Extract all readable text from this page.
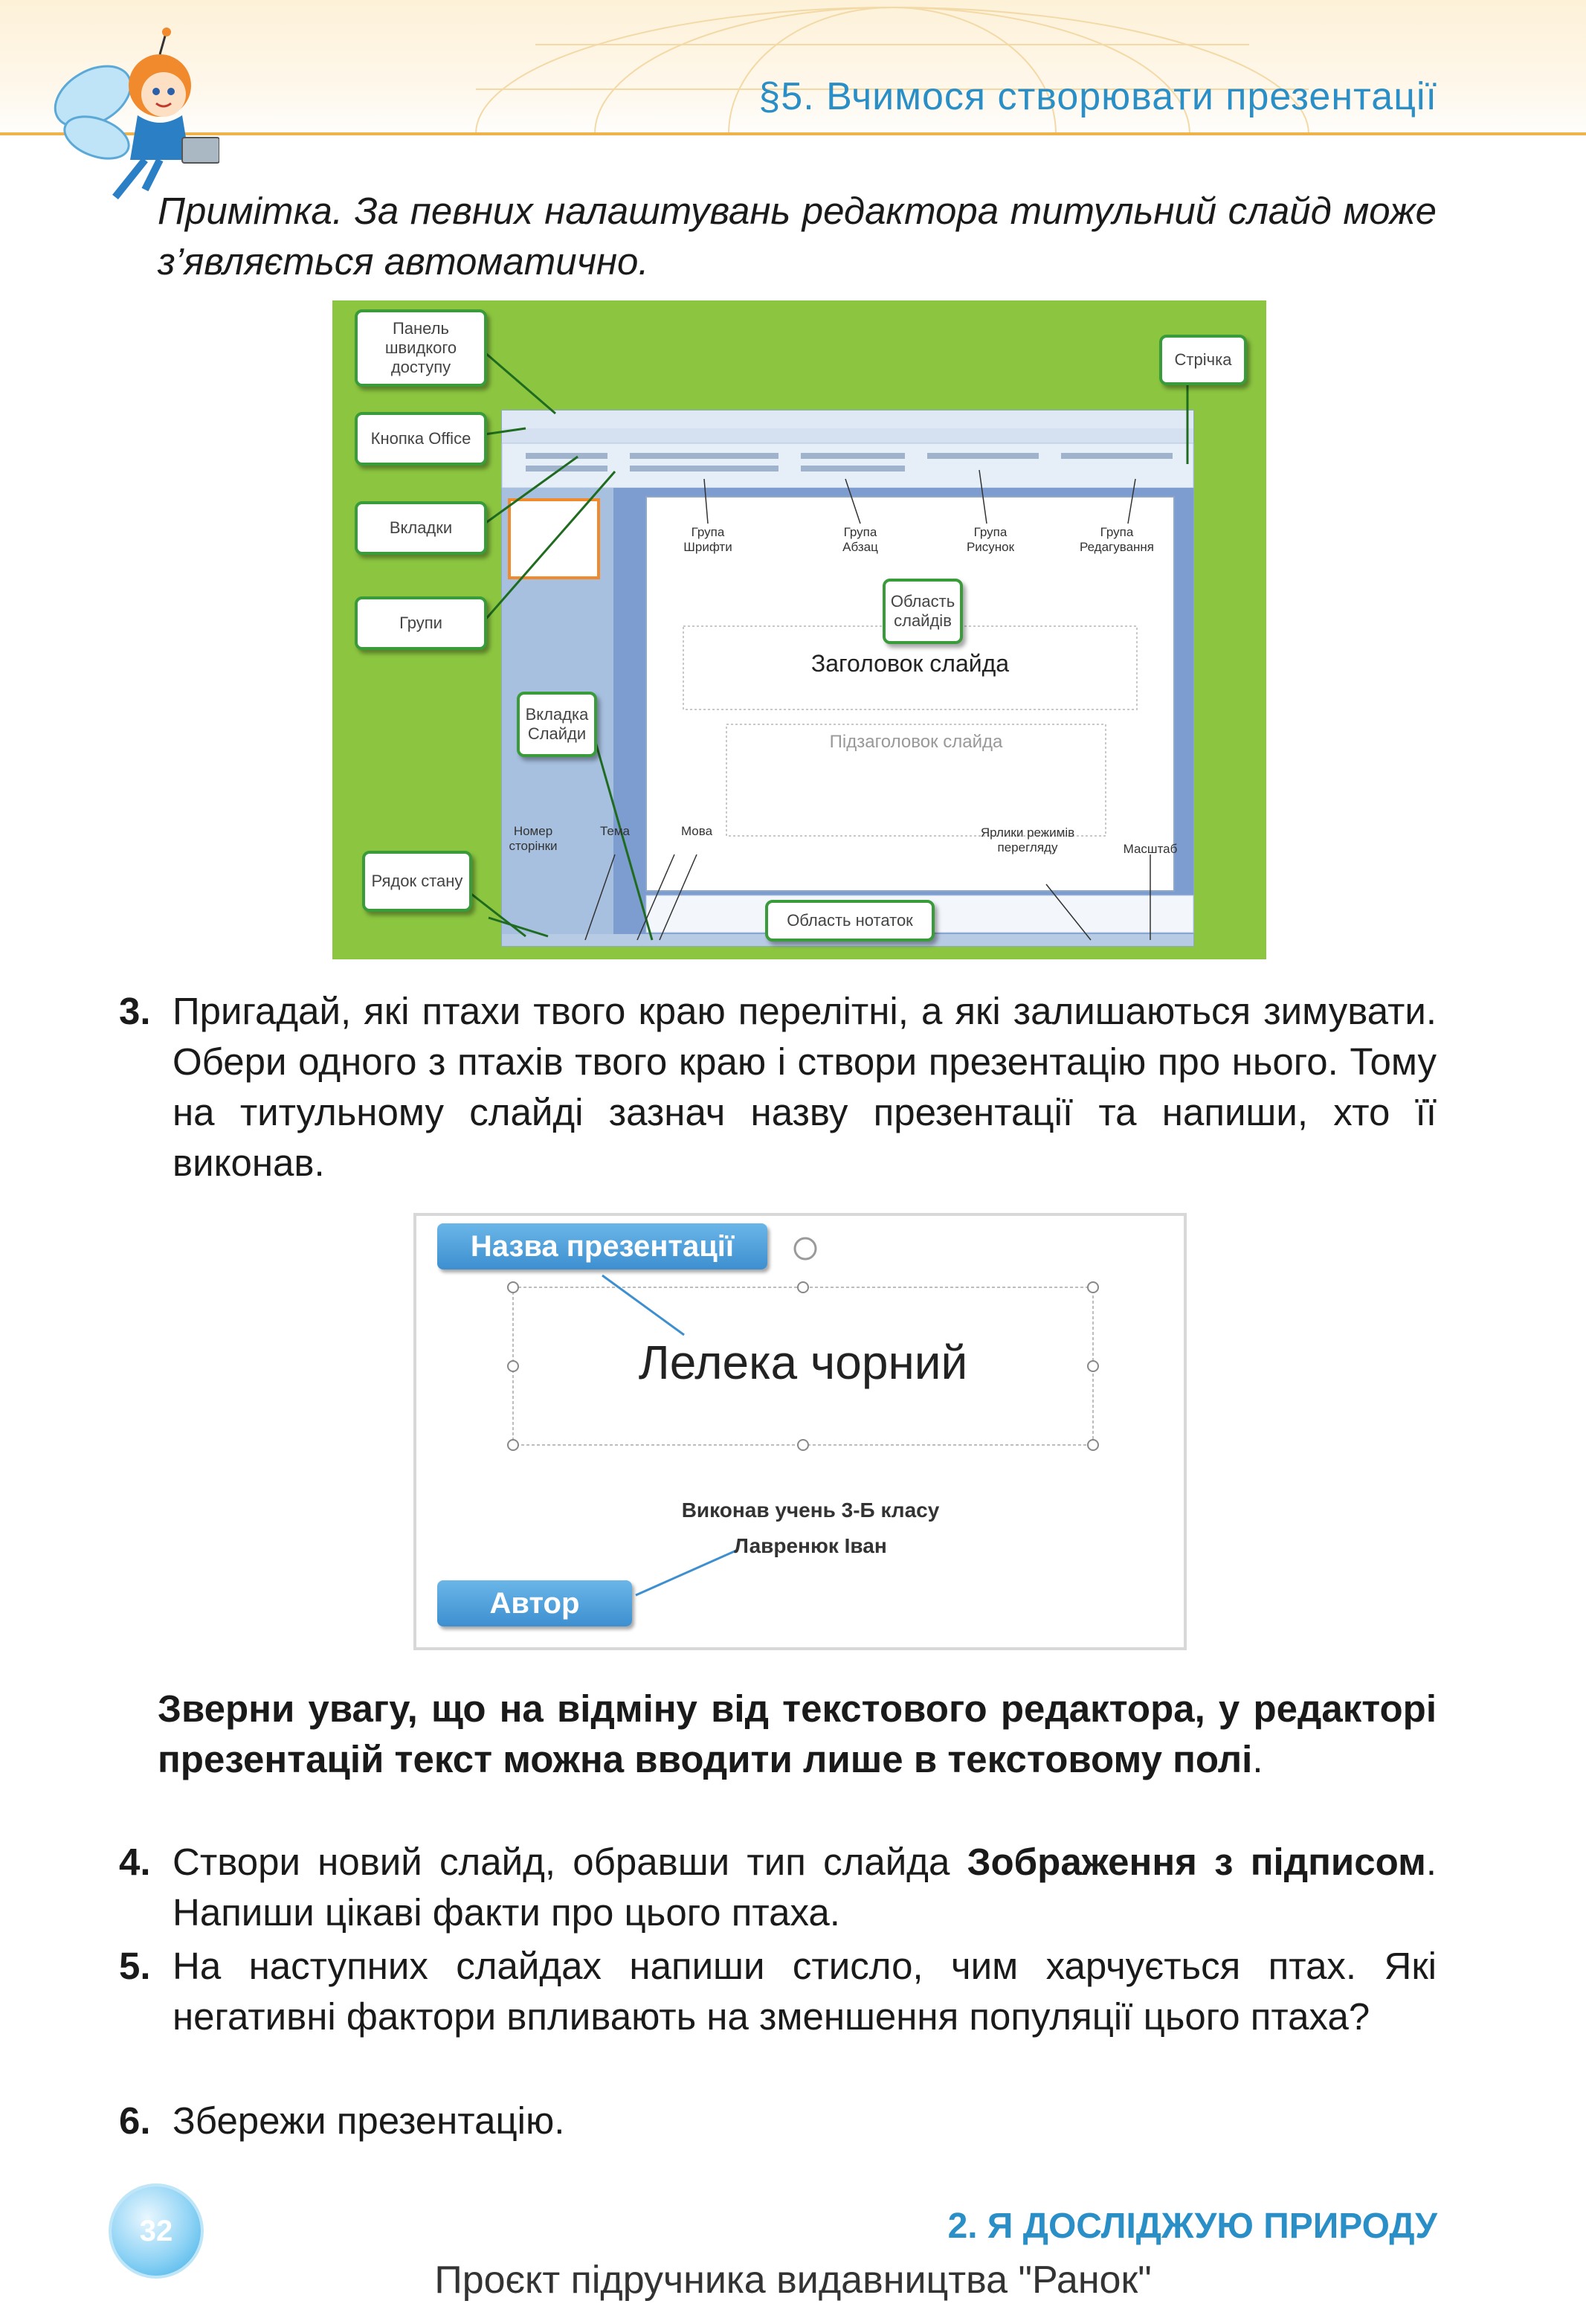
§5. Вчимося створювати презентації
Примітка. За певних налаштувань редактора титульний слайд може з’являється автоматично.
Панель швидкого доступу
Кнопка Office
Вкладки
Групи
Стрічка
Вкладка Слайди
Область слайдів
Рядок стану
Область нотаток
Група Шрифти
Група Абзац
Група Рисунок
Група Редагування
Номер сторінки
Тема	Мова	Ярлики режимів перегляду	Масштаб
Заголовок слайда
Підзаголовок слайда
3. Пригадай, які птахи твого краю перелітні, а які залишаються зимувати. Обери одного з птахів твого краю і створи презентацію про нього. Тому на титульному слайді зазнач назву презентації та напиши, хто її виконав.
Назва презентації
Лелека чорний
Виконав учень 3-Б класу
Лавренюк Іван
Автор
Зверни увагу, що на відміну від текстового редактора, у редакторі презентацій текст можна вводити лише в текстовому полі.
4. Створи новий слайд, обравши тип слайда Зображення з підписом. Напиши цікаві факти про цього птаха.
5. На наступних слайдах напиши стисло, чим харчується птах. Які негативні фактори впливають на зменшення популяції цього птаха?
6. Збережи презентацію.
32	2. Я ДОСЛІДЖУЮ ПРИРОДУ
Проєкт підручника видавництва "Ранок"
